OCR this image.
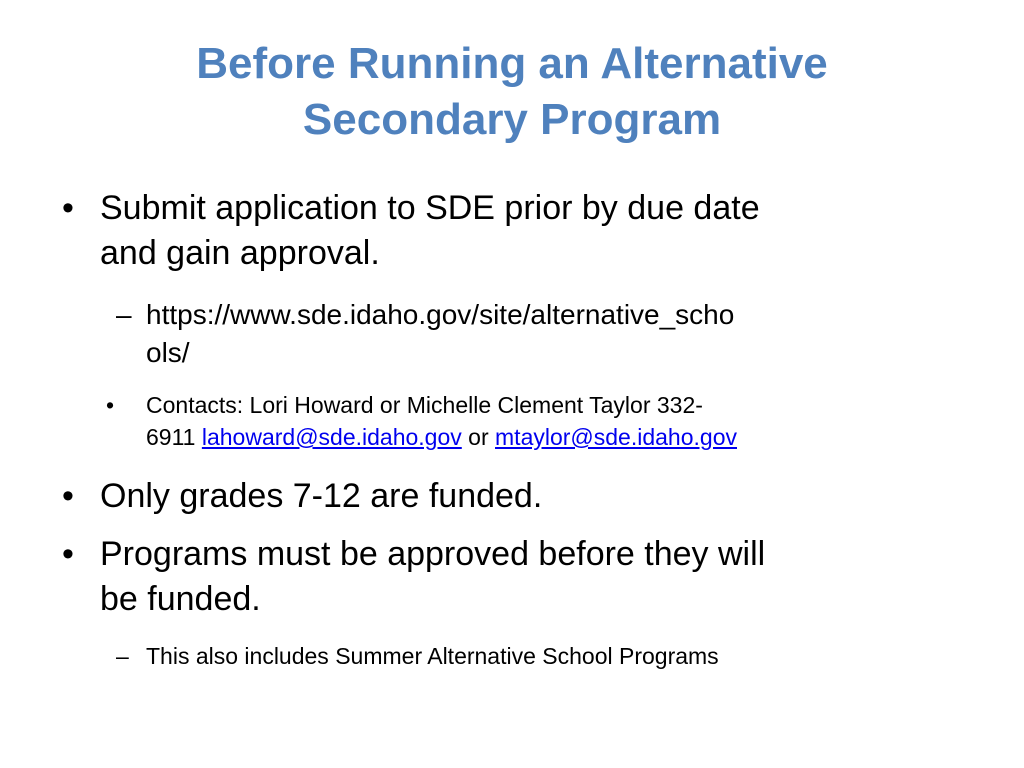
Before Running an Alternative
Secondary Program
• Submit application to SDE prior by due date
and gain approval.
– https://www.sde.idaho.gov/site/alternative_scho
ols/
• Contacts: Lori Howard or Michelle Clement Taylor 332-
6911 lahoward@sde.idaho.gov or mtaylor@sde.idaho.gov
• Only grades 7-12 are funded.
• Programs must be approved before they will
be funded.
– This also includes Summer Alternative School Programs
